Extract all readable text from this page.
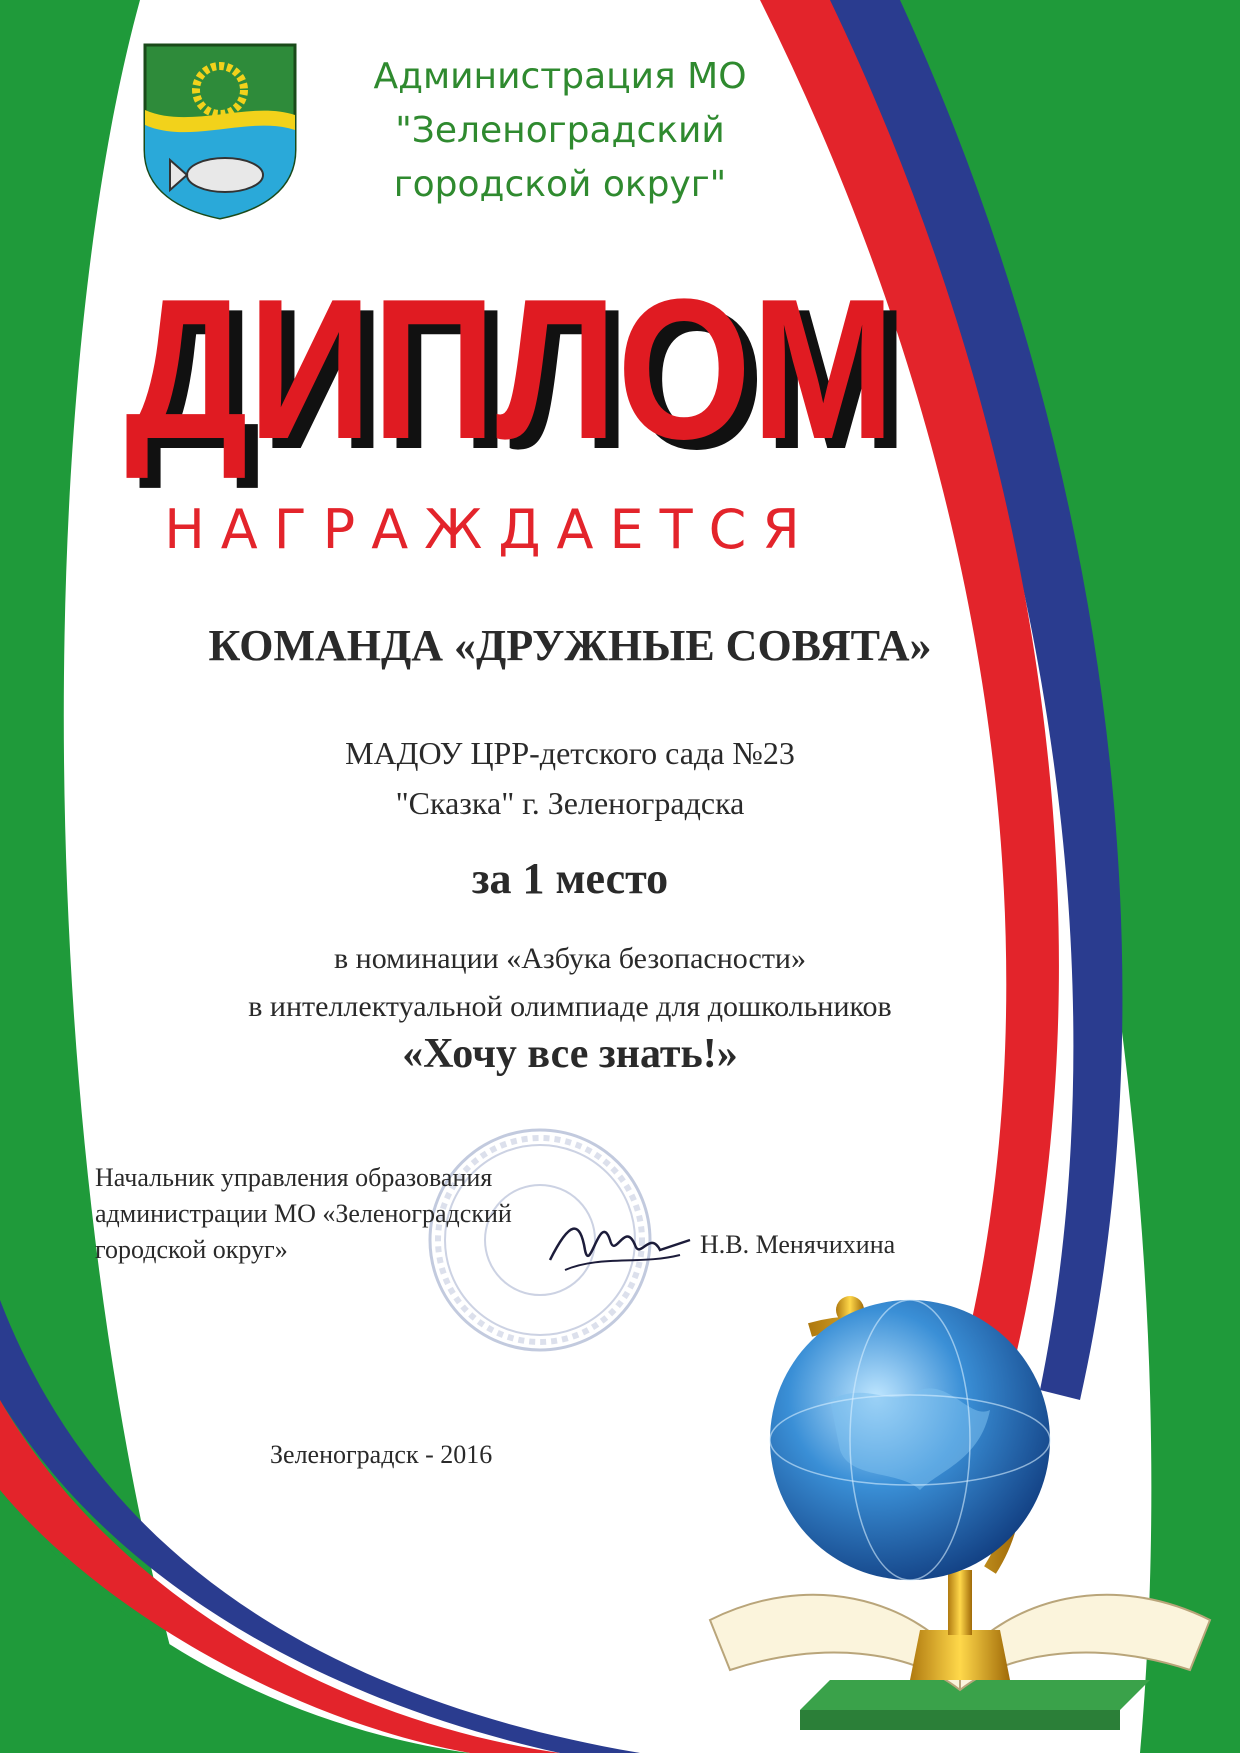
Администрация МО
"Зеленоградский
городской округ"
ДИПЛОМ
ДИПЛОМ
НАГРАЖДАЕТСЯ
КОМАНДА «ДРУЖНЫЕ СОВЯТА»
МАДОУ ЦРР-детского сада №23
"Сказка" г. Зеленоградска
за 1 место
в номинации «Азбука безопасности»
в интеллектуальной олимпиаде для дошкольников
«Хочу все знать!»
Начальник управления образования
администрации МО «Зеленоградский
городской округ»	Н.В. Менячихина
Зеленоградск - 2016
